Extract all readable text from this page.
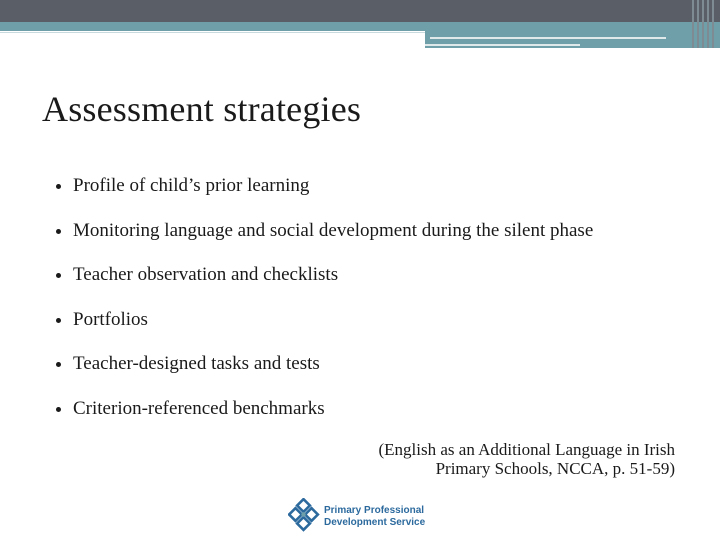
Assessment strategies
Profile of child’s prior learning
Monitoring language and social development during the silent phase
Teacher observation and checklists
Portfolios
Teacher-designed tasks and tests
Criterion-referenced benchmarks
(English as an Additional Language in Irish
Primary Schools, NCCA, p. 51-59)
Primary Professional
Development Service
